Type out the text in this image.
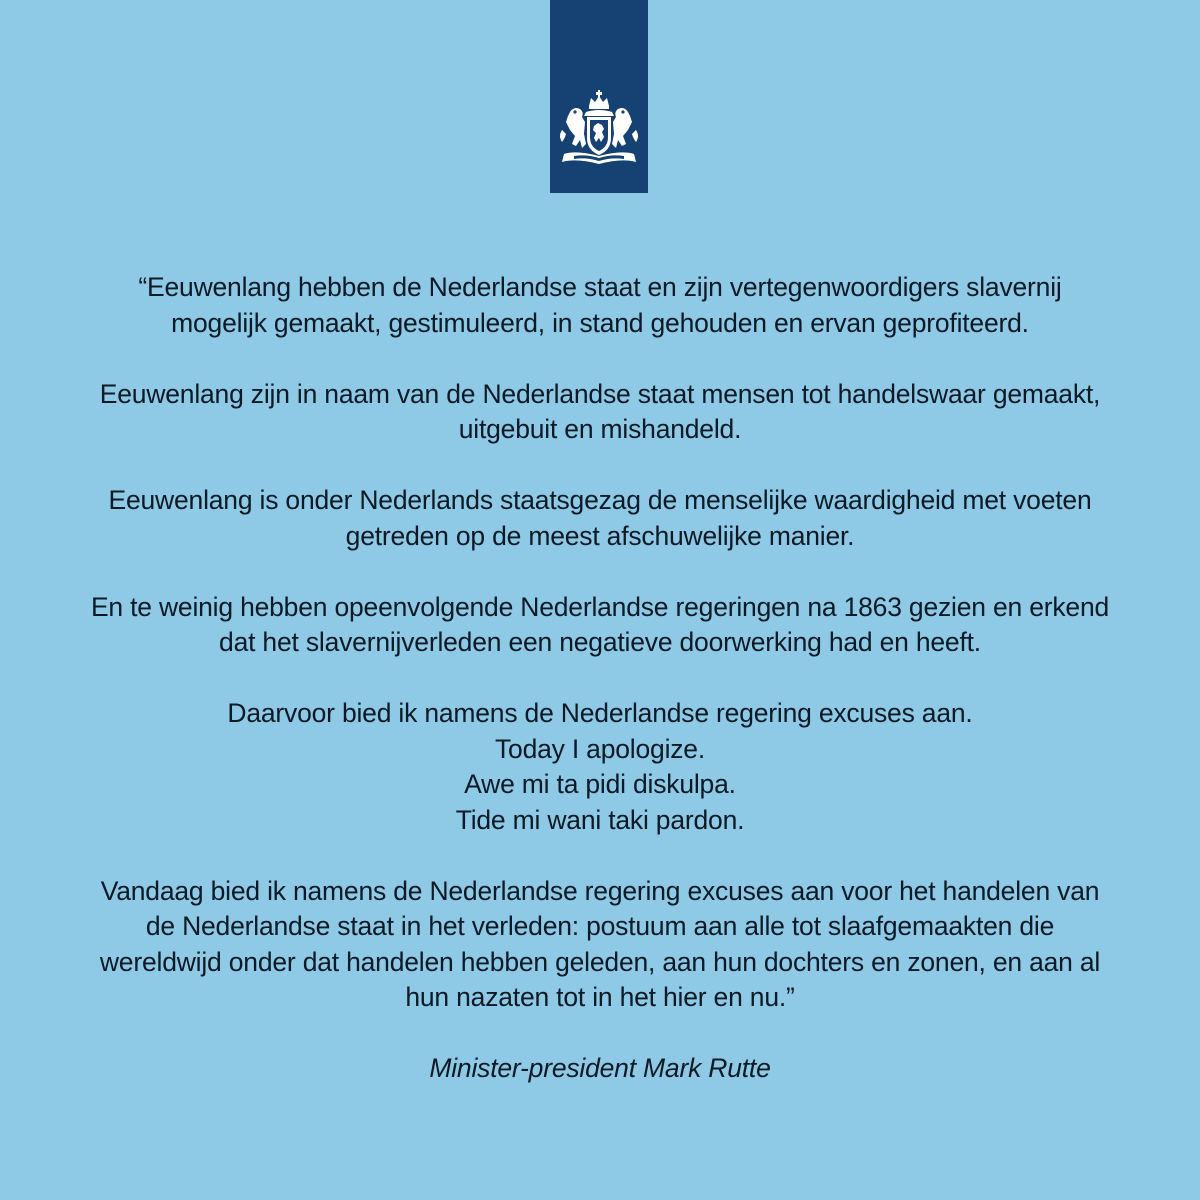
“Eeuwenlang hebben de Nederlandse staat en zijn vertegenwoordigers slavernij
mogelijk gemaakt, gestimuleerd, in stand gehouden en ervan geprofiteerd.

Eeuwenlang zijn in naam van de Nederlandse staat mensen tot handelswaar gemaakt,
uitgebuit en mishandeld.

Eeuwenlang is onder Nederlands staatsgezag de menselijke waardigheid met voeten
getreden op de meest afschuwelijke manier.

En te weinig hebben opeenvolgende Nederlandse regeringen na 1863 gezien en erkend
dat het slavernijverleden een negatieve doorwerking had en heeft.

Daarvoor bied ik namens de Nederlandse regering excuses aan.
Today I apologize.
Awe mi ta pidi diskulpa.
Tide mi wani taki pardon.

Vandaag bied ik namens de Nederlandse regering excuses aan voor het handelen van
de Nederlandse staat in het verleden: postuum aan alle tot slaafgemaakten die
wereldwijd onder dat handelen hebben geleden, aan hun dochters en zonen, en aan al
hun nazaten tot in het hier en nu.”

Minister-president Mark Rutte
